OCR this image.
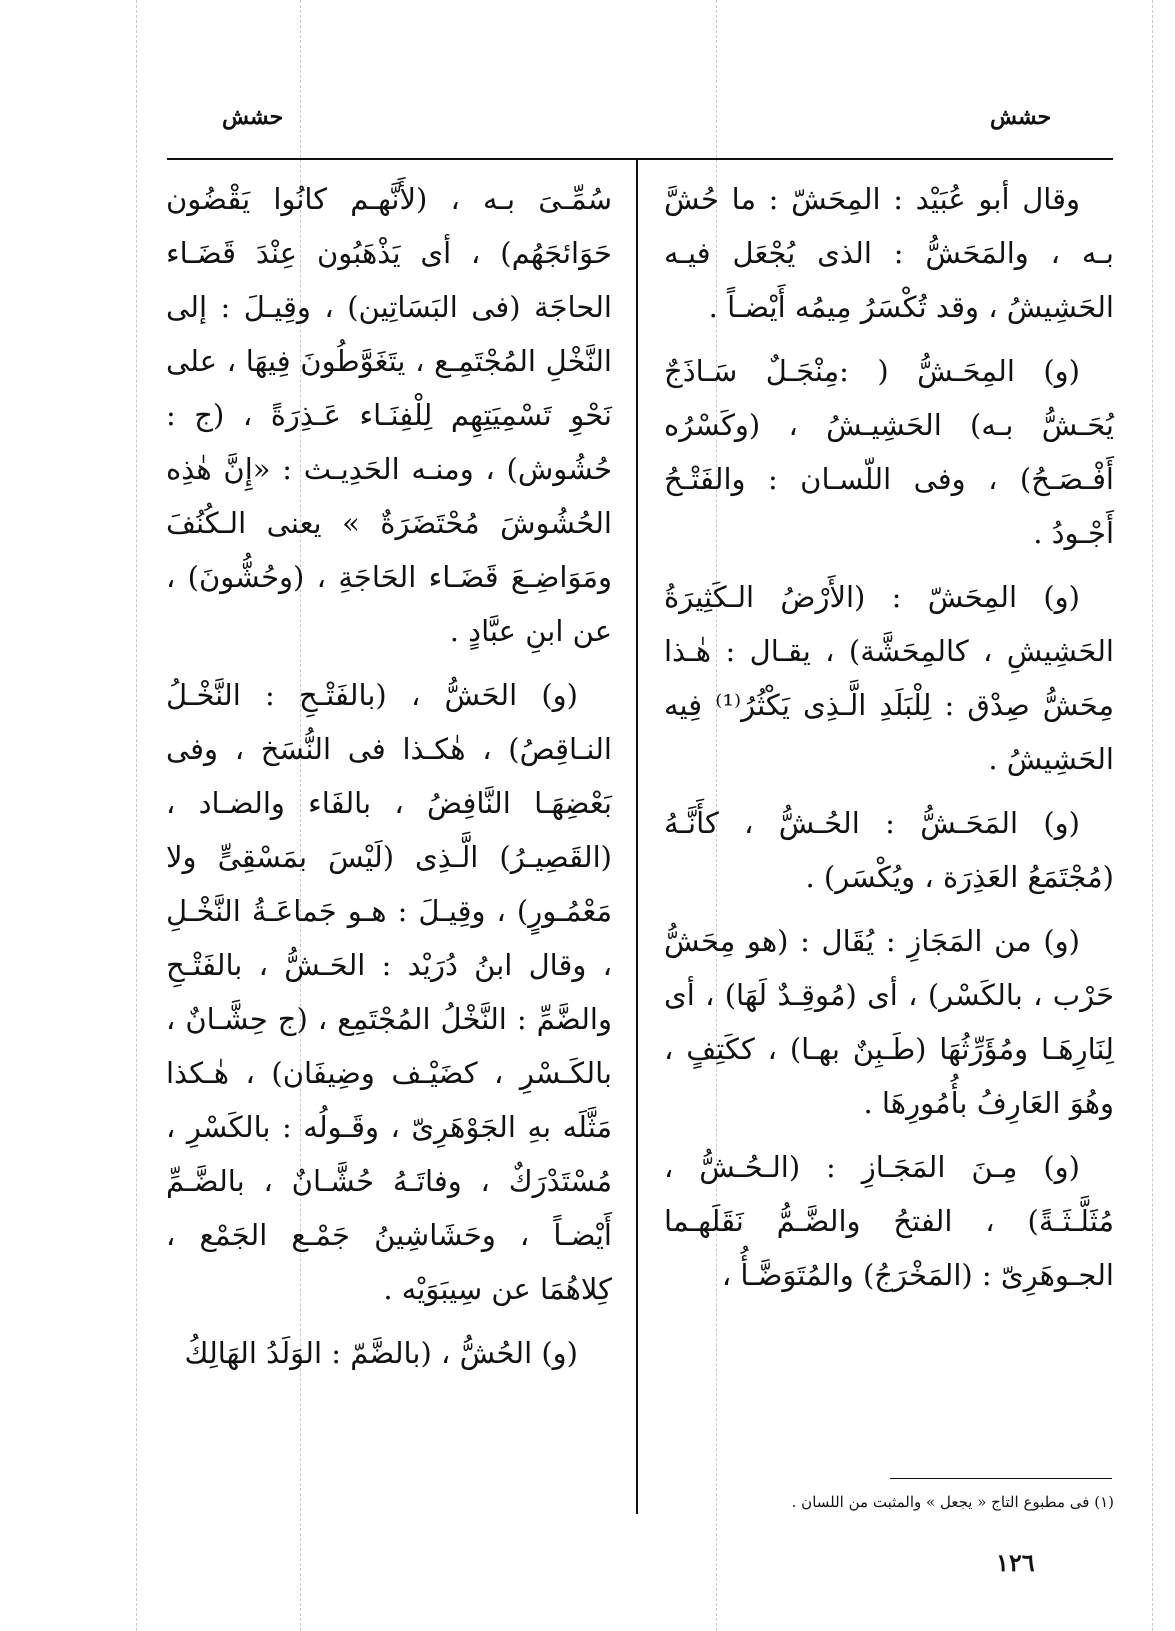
حشش
حشش

وقال أبو عُبَيْد : المِحَشّ : ما حُشَّ بـه ، والمَحَشُّ : الذى يُجْعَل فيـه الحَشِيشُ ، وقد تُكْسَرُ مِيمُه أَيْضـاً .

(و) المِحَـشُّ ( :مِنْجَـلٌ سَـاذَجٌ يُحَـشُّ بـه) الحَشِيـشُ ، (وكَسْرُه أَفْـصَـحُ) ، وفى اللّسـان : والفَتْـحُ أَجْـودُ .

(و) المِحَشّ : (الأَرْضُ الـكَثِيرَةُ الحَشِيشِ ، كالمِحَشَّة) ، يقـال : هٰـذا مِحَشُّ صِدْق : لِلْبَلَدِ الَّـذِى يَكْثُرُ⁽¹⁾ فِيه الحَشِيشُ .

(و) المَحَـشُّ : الحُـشُّ ، كأَنَّـهُ (مُجْتَمَعُ العَذِرَة ، ويُكْسَر) .

(و) من المَجَازِ : يُقَال : (هو مِحَشُّ حَرْب ، بالكَسْر) ، أى (مُوقِـدٌ لَهَا) ، أى لِنَارِهَـا ومُؤَرِّثُهَا (طَـبِنٌ بهـا) ، ككَتِفٍ ، وهُوَ العَارِفُ بأُمُورِهَا .

(و) مِـنَ المَجَـازِ : (الـحُـشُّ ، مُثَلَّـثَـةً) ، الفتحُ والضَّـمُّ نَقَلَهـما الجـوهَرِىّ : (المَخْرَجُ) والمُتَوَضَّـأُ ،

سُمِّـىَ بـه ، (لأَنَّهـم كانُوا يَقْضُون حَوَائجَهُم) ، أى يَذْهَبُون عِنْدَ قَضَـاء الحاجَة (فى البَسَاتِين) ، وقِيـلَ : إلى النَّخْلِ المُجْتَمِـع ، يتَغَوَّطُونَ فِيهَا ، على نَحْوِ تَسْمِيَتِهِم لِلْفِنَـاء عَـذِرَةً ، (ج : حُشُوش) ، ومنـه الحَدِيـث : «إِنَّ هٰذِه الحُشُوشَ مُحْتَضَرَةٌ » يعنى الـكُنُفَ ومَوَاضِـعَ قَضَـاء الحَاجَةِ ، (وحُشُّونَ) ، عن ابنِ عبَّادٍ .

(و) الحَشُّ ، (بالفَتْـحِ : النَّخْـلُ النـاقِصُ) ، هٰكـذا فى النُّسَخ ، وفى بَعْضِهَـا النَّافِضُ ، بالفَاء والضـاد ، (القَصِيـرُ) الَّـذِى (لَيْسَ بمَسْقِىٍّ ولا مَعْمُـورٍ) ، وقِيـلَ : هـو جَماعَـةُ النَّخْـلِ ، وقال ابنُ دُرَيْد : الحَـشُّ ، بالفَتْـحِ والضَّمِّ : النَّخْلُ المُجْتَمِع ، (ج حِشَّـانٌ ، بالكَـسْرِ ، كضَيْـف وضِيفَان) ، هٰـكذا مَثَّلَه بهِ الجَوْهَرِىّ ، وقَـولُه : بالكَسْرِ ، مُسْتَدْرَكٌ ، وفاتَـهُ حُشَّـانٌ ، بالضَّـمِّ أَيْضـاً ، وحَشَاشِينُ جَمْـع الجَمْع ، كِلاهُمَا عن سِيبَوَيْه .

(و) الحُشُّ ، (بالضَّمّ : الوَلَدُ الهَالِكُ

(١) فى مطبوع التاج « يجعل » والمثبت من اللسان .
١٢٦
